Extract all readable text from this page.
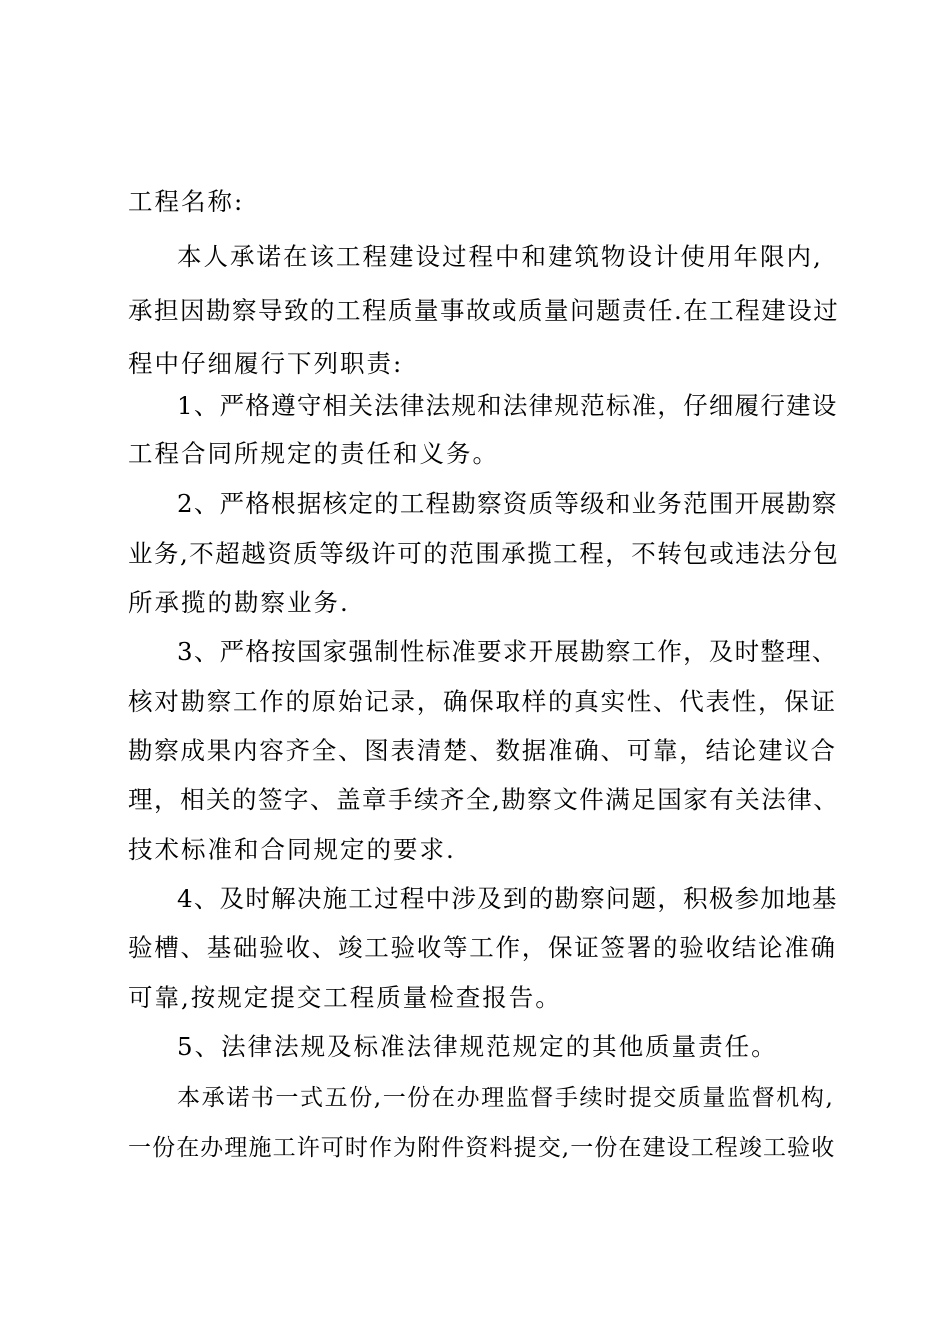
工程名称:
本人承诺在该工程建设过程中和建筑物设计使用年限内,
承担因勘察导致的工程质量事故或质量问题责任.在工程建设过
程中仔细履行下列职责:
1、严格遵守相关法律法规和法律规范标准，仔细履行建设
工程合同所规定的责任和义务。
2、严格根据核定的工程勘察资质等级和业务范围开展勘察
业务,不超越资质等级许可的范围承揽工程，不转包或违法分包
所承揽的勘察业务.
3、严格按国家强制性标准要求开展勘察工作，及时整理、
核对勘察工作的原始记录，确保取样的真实性、代表性，保证
勘察成果内容齐全、图表清楚、数据准确、可靠，结论建议合
理，相关的签字、盖章手续齐全,勘察文件满足国家有关法律、
技术标准和合同规定的要求.
4、及时解决施工过程中涉及到的勘察问题，积极参加地基
验槽、基础验收、竣工验收等工作，保证签署的验收结论准确
可靠,按规定提交工程质量检查报告。
5、法律法规及标准法律规范规定的其他质量责任。
本承诺书一式五份,一份在办理监督手续时提交质量监督机构,
一份在办理施工许可时作为附件资料提交,一份在建设工程竣工验收
